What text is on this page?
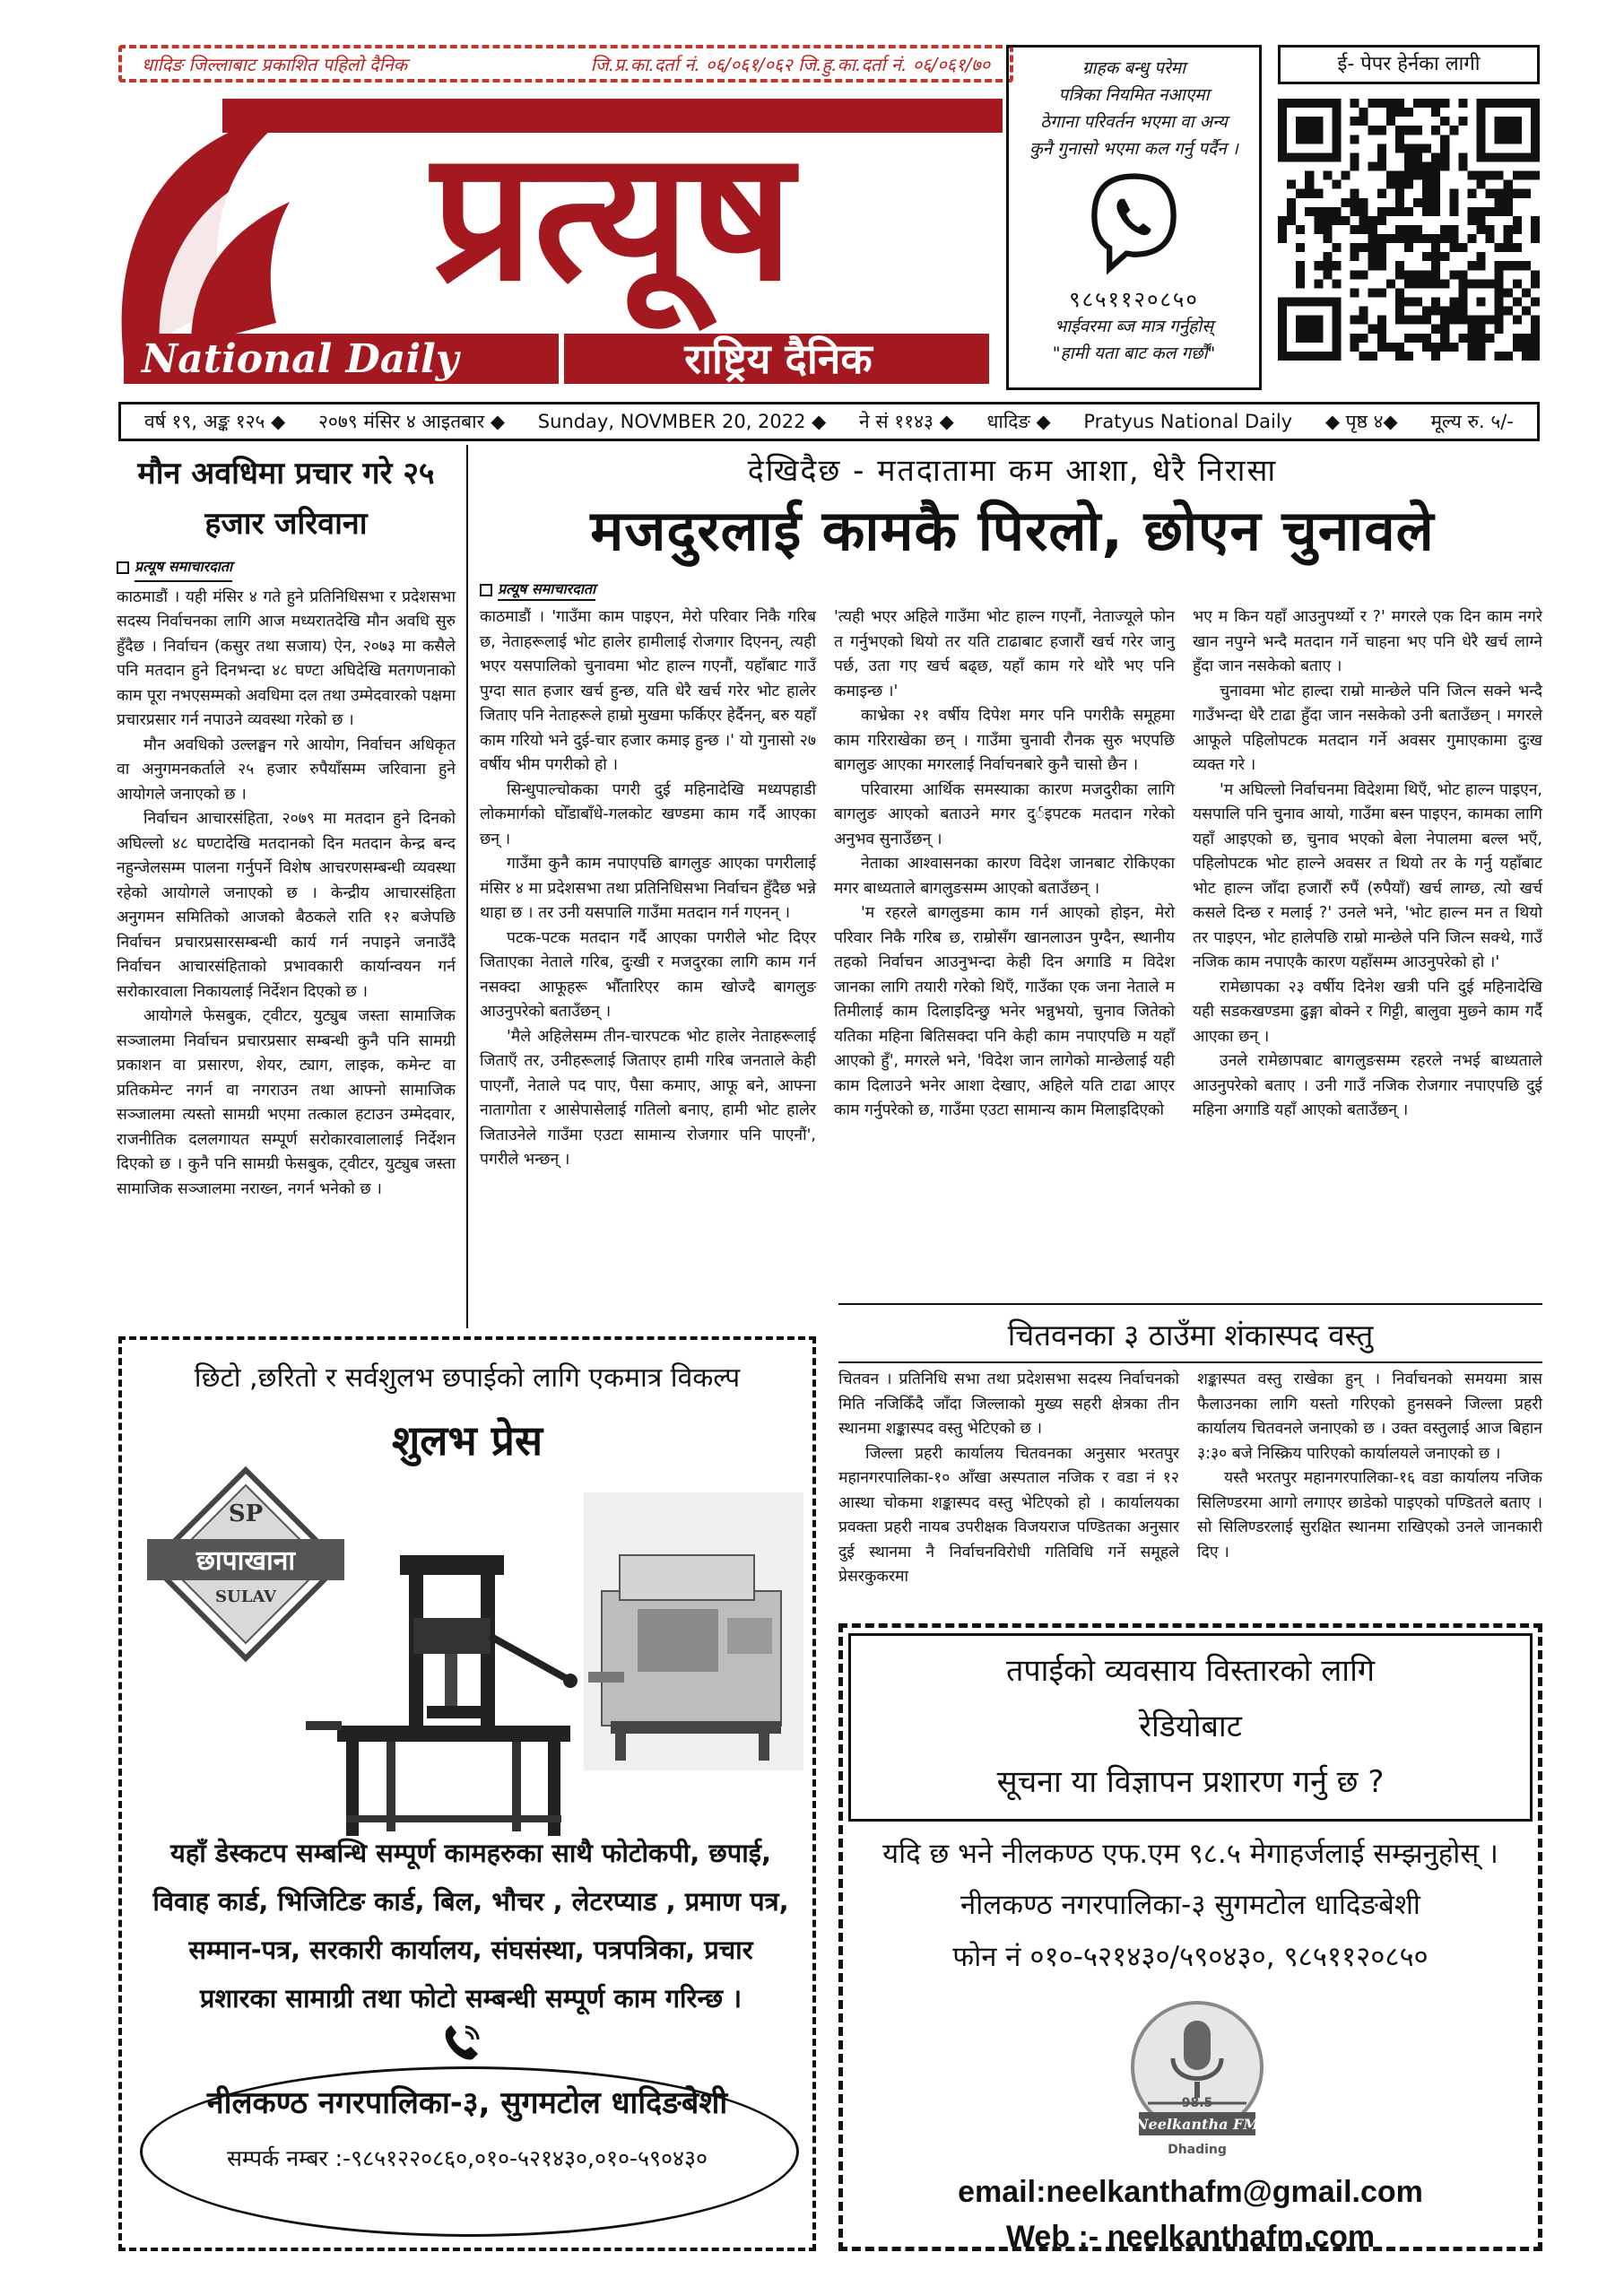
धादिङ जिल्लाबाट प्रकाशित पहिलो दैनिक	जि.प्र.का.दर्ता नं. ०६/०६१/०६२ जि.हु.का.दर्ता नं. ०६/०६१/७०
प्रत्यूष
National Daily	राष्ट्रिय दैनिक
ग्राहक बन्धु परेमा
पत्रिका नियमित नआएमा
ठेगाना परिवर्तन भएमा वा अन्य
कुनै गुनासो भएमा कल गर्नु पर्दैन ।
९८५११२०८५०
भाईवरमा ब्ज मात्र गर्नुहोस्
"हामी यता बाट कल गर्छौं"
ई- पेपर हेर्नका लागी
वर्ष १९, अङ्क १२५ ◆ २०७९ मंसिर ४ आइतबार ◆ Sunday, NOVMBER 20, 2022 ◆ ने सं ११४३ ◆ धादिङ ◆ Pratyus National Daily ◆ पृष्ठ ४◆ मूल्य रु. ५/-
मौन अवधिमा प्रचार गरे २५ हजार जरिवाना
प्रत्यूष समाचारदाता

काठमाडौं । यही मंसिर ४ गते हुने प्रतिनिधिसभा र प्रदेशसभा सदस्य निर्वाचनका लागि आज मध्यरातदेखि मौन अवधि सुरु हुँदैछ । निर्वाचन (कसुर तथा सजाय) ऐन, २०७३ मा कसैले पनि मतदान हुने दिनभन्दा ४८ घण्टा अघिदेखि मतगणनाको काम पूरा नभएसम्मको अवधिमा दल तथा उम्मेदवारको पक्षमा प्रचारप्रसार गर्न नपाउने व्यवस्था गरेको छ ।

मौन अवधिको उल्लङ्घन गरे आयोग, निर्वाचन अधिकृत वा अनुगमनकर्ताले २५ हजार रुपैयाँसम्म जरिवाना हुने आयोगले जनाएको छ ।

निर्वाचन आचारसंहिता, २०७९ मा मतदान हुने दिनको अघिल्लो ४८ घण्टादेखि मतदानको दिन मतदान केन्द्र बन्द नहुन्जेलसम्म पालना गर्नुपर्ने विशेष आचरणसम्बन्धी व्यवस्था रहेको आयोगले जनाएको छ । केन्द्रीय आचारसंहिता अनुगमन समितिको आजको बैठकले राति १२ बजेपछि निर्वाचन प्रचारप्रसारसम्बन्धी कार्य गर्न नपाइने जनाउँदै निर्वाचन आचारसंहिताको प्रभावकारी कार्यान्वयन गर्न सरोकारवाला निकायलाई निर्देशन दिएको छ ।

आयोगले फेसबुक, ट्वीटर, युट्युब जस्ता सामाजिक सञ्जालमा निर्वाचन प्रचारप्रसार सम्बन्धी कुनै पनि सामग्री प्रकाशन वा प्रसारण, शेयर, ट्याग, लाइक, कमेन्ट वा प्रतिकमेन्ट नगर्न वा नगराउन तथा आफ्नो सामाजिक सञ्जालमा त्यस्तो सामग्री भएमा तत्काल हटाउन उम्मेदवार, राजनीतिक दललगायत सम्पूर्ण सरोकारवालालाई निर्देशन दिएको छ । कुनै पनि सामग्री फेसबुक, ट्वीटर, युट्युब जस्ता सामाजिक सञ्जालमा नराख्न, नगर्न भनेको छ ।

देखिदैछ - मतदातामा कम आशा, धेरै निरासा
मजदुरलाई कामकै पिरलो, छोएन चुनावले
प्रत्यूष समाचारदाता

काठमाडौं । 'गाउँमा काम पाइएन, मेरो परिवार निकै गरिब छ, नेताहरूलाई भोट हालेर हामीलाई रोजगार दिएनन्, त्यही भएर यसपालिको चुनावमा भोट हाल्न गएनौं, यहाँबाट गाउँ पुग्दा सात हजार खर्च हुन्छ, यति धेरै खर्च गरेर भोट हालेर जिताए पनि नेताहरूले हाम्रो मुखमा फर्किएर हेर्दैनन्, बरु यहाँ काम गरियो भने दुई-चार हजार कमाइ हुन्छ ।' यो गुनासो २७ वर्षीय भीम पगरीको हो ।

सिन्धुपाल्चोकका पगरी दुई महिनादेखि मध्यपहाडी लोकमार्गको घोँडाबाँधे-गलकोट खण्डमा काम गर्दै आएका छन् ।

गाउँमा कुनै काम नपाएपछि बागलुङ आएका पगरीलाई मंसिर ४ मा प्रदेशसभा तथा प्रतिनिधिसभा निर्वाचन हुँदैछ भन्ने थाहा छ । तर उनी यसपालि गाउँमा मतदान गर्न गएनन् ।

पटक-पटक मतदान गर्दै आएका पगरीले भोट दिएर जिताएका नेताले गरिब, दुःखी र मजदुरका लागि काम गर्न नसक्दा आफूहरू भौँतारिएर काम खोज्दै बागलुङ आउनुपरेको बताउँछन् ।

'मैले अहिलेसम्म तीन-चारपटक भोट हालेर नेताहरूलाई जिताएँ तर, उनीहरूलाई जिताएर हामी गरिब जनताले केही पाएनौं, नेताले पद पाए, पैसा कमाए, आफू बने, आफ्ना नातागोता र आसेपासेलाई गतिलो बनाए, हामी भोट हालेर जिताउनेले गाउँमा एउटा सामान्य रोजगार पनि पाएनौं', पगरीले भन्छन् ।

'त्यही भएर अहिले गाउँमा भोट हाल्न गएनौं, नेताज्यूले फोन त गर्नुभएको थियो तर यति टाढाबाट हजारौं खर्च गरेर जानु पर्छ, उता गए खर्च बढ्छ, यहाँ काम गरे थोरै भए पनि कमाइन्छ ।'

काभ्रेका २१ वर्षीय दिपेश मगर पनि पगरीकै समूहमा काम गरिराखेका छन् । गाउँमा चुनावी रौनक सुरु भएपछि बागलुङ आएका मगरलाई निर्वाचनबारे कुनै चासो छैन ।

परिवारमा आर्थिक समस्याका कारण मजदुरीका लागि बागलुङ आएको बताउने मगर दुर्इपटक मतदान गरेको अनुभव सुनाउँछन् ।

नेताका आश्वासनका कारण विदेश जानबाट रोकिएका मगर बाध्यताले बागलुङसम्म आएको बताउँछन् ।

'म रहरले बागलुङमा काम गर्न आएको होइन, मेरो परिवार निकै गरिब छ, राम्रोसँग खानलाउन पुग्दैन, स्थानीय तहको निर्वाचन आउनुभन्दा केही दिन अगाडि म विदेश जानका लागि तयारी गरेको थिएँ, गाउँका एक जना नेताले म तिमीलाई काम दिलाइदिन्छु भनेर भन्नुभयो, चुनाव जितेको यतिका महिना बितिसक्दा पनि केही काम नपाएपछि म यहाँ आएको हुँ', मगरले भने, 'विदेश जान लागेको मान्छेलाई यही काम दिलाउने भनेर आशा देखाए, अहिले यति टाढा आएर काम गर्नुपरेको छ, गाउँमा एउटा सामान्य काम मिलाइदिएको

भए म किन यहाँ आउनुपर्थ्यो र ?' मगरले एक दिन काम नगरे खान नपुग्ने भन्दै मतदान गर्ने चाहना भए पनि धेरै खर्च लाग्ने हुँदा जान नसकेको बताए ।

चुनावमा भोट हाल्दा राम्रो मान्छेले पनि जित्न सक्ने भन्दै गाउँभन्दा धेरै टाढा हुँदा जान नसकेको उनी बताउँछन् । मगरले आफूले पहिलोपटक मतदान गर्ने अवसर गुमाएकामा दुःख व्यक्त गरे ।

'म अघिल्लो निर्वाचनमा विदेशमा थिएँ, भोट हाल्न पाइएन, यसपालि पनि चुनाव आयो, गाउँमा बस्न पाइएन, कामका लागि यहाँ आइएको छ, चुनाव भएको बेला नेपालमा बल्ल भएँ, पहिलोपटक भोट हाल्ने अवसर त थियो तर के गर्नु यहाँबाट भोट हाल्न जाँदा हजारौं रुपैं (रुपैयाँ) खर्च लाग्छ, त्यो खर्च कसले दिन्छ र मलाई ?' उनले भने, 'भोट हाल्न मन त थियो तर पाइएन, भोट हालेपछि राम्रो मान्छेले पनि जित्न सक्थे, गाउँ नजिक काम नपाएकै कारण यहाँसम्म आउनुपरेको हो ।'

रामेछापका २३ वर्षीय दिनेश खत्री पनि दुई महिनादेखि यही सडकखण्डमा ढुङ्गा बोक्ने र गिट्टी, बालुवा मुछ्ने काम गर्दै आएका छन् ।

उनले रामेछापबाट बागलुङसम्म रहरले नभई बाध्यताले आउनुपरेको बताए । उनी गाउँ नजिक रोजगार नपाएपछि दुई महिना अगाडि यहाँ आएको बताउँछन् ।

चितवनका ३ ठाउँमा शंकास्पद वस्तु

चितवन । प्रतिनिधि सभा तथा प्रदेशसभा सदस्य निर्वाचनको मिति नजिकिँदै जाँदा जिल्लाको मुख्य सहरी क्षेत्रका तीन स्थानमा शङ्कास्पद वस्तु भेटिएको छ ।

जिल्ला प्रहरी कार्यालय चितवनका अनुसार भरतपुर महानगरपालिका-१० आँखा अस्पताल नजिक र वडा नं १२ आस्था चोकमा शङ्कास्पद वस्तु भेटिएको हो । कार्यालयका प्रवक्ता प्रहरी नायब उपरीक्षक विजयराज पण्डितका अनुसार दुई स्थानमा नै निर्वाचनविरोधी गतिविधि गर्ने समूहले प्रेसरकुकरमा

शङ्कास्पत वस्तु राखेका हुन् । निर्वाचनको समयमा त्रास फैलाउनका लागि यस्तो गरिएको हुनसक्ने जिल्ला प्रहरी कार्यालय चितवनले जनाएको छ । उक्त वस्तुलाई आज बिहान ३:३० बजे निस्क्रिय पारिएको कार्यालयले जनाएको छ ।

यस्तै भरतपुर महानगरपालिका-१६ वडा कार्यालय नजिक सिलिण्डरमा आगो लगाएर छाडेको पाइएको पण्डितले बताए । सो सिलिण्डरलाई सुरक्षित स्थानमा राखिएको उनले जानकारी दिए ।

छिटो ,छरितो र सर्वशुलभ छपाईको लागि एकमात्र विकल्प
शुलभ प्रेस
SP
छापाखाना
SULAV
यहाँ डेस्कटप सम्बन्धि सम्पूर्ण कामहरुका साथै फोटोकपी, छपाई,
विवाह कार्ड, भिजिटिङ कार्ड, बिल, भौचर , लेटरप्याड , प्रमाण पत्र,
सम्मान-पत्र, सरकारी कार्यालय, संघसंस्था, पत्रपत्रिका, प्रचार
प्रशारका सामाग्री तथा फोटो सम्बन्धी सम्पूर्ण काम गरिन्छ ।
नीलकण्ठ नगरपालिका-३, सुगमटोल धादिङबेशी
सम्पर्क नम्बर :-९८५१२२०८६०,०१०-५२१४३०,०१०-५९०४३०
तपाईको व्यवसाय विस्तारको लागि
रेडियोबाट
सूचना या विज्ञापन प्रशारण गर्नु छ ?
यदि छ भने नीलकण्ठ एफ.एम ९८.५ मेगाहर्जलाई सम्झनुहोस् ।
नीलकण्ठ नगरपालिका-३ सुगमटोल धादिङबेशी
फोन नं ०१०-५२१४३०/५९०४३०, ९८५११२०८५०
98.5
Neelkantha FM
Dhading
email:neelkanthafm@gmail.com
Web :- neelkanthafm.com
